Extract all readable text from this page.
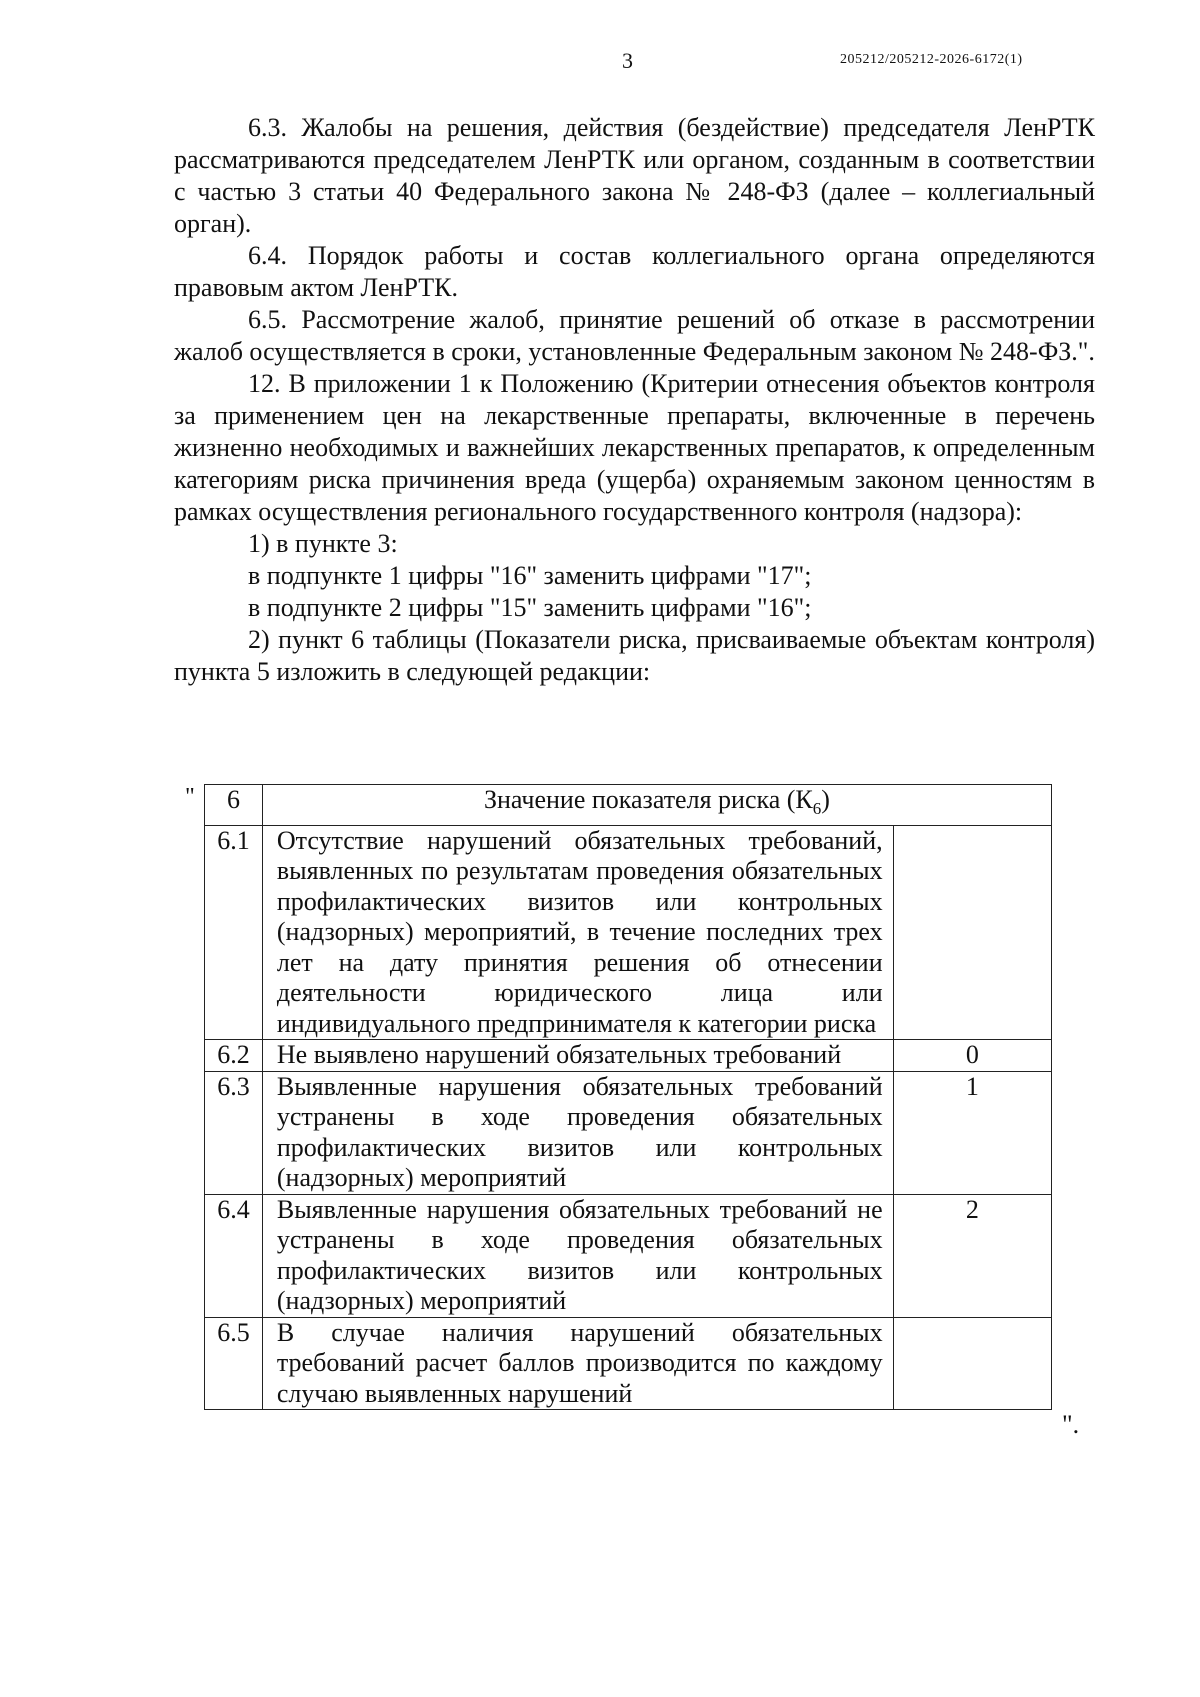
3	205212/205212-2026-6172(1)

6.3. Жалобы на решения, действия (бездействие) председателя ЛенРТК рассматриваются председателем ЛенРТК или органом, созданным в соответствии с частью 3 статьи 40 Федерального закона № 248-ФЗ (далее – коллегиальный орган).

6.4. Порядок работы и состав коллегиального органа определяются правовым актом ЛенРТК.

6.5. Рассмотрение жалоб, принятие решений об отказе в рассмотрении жалоб осуществляется в сроки, установленные Федеральным законом № 248-ФЗ.".

12. В приложении 1 к Положению (Критерии отнесения объектов контроля за применением цен на лекарственные препараты, включенные в перечень жизненно необходимых и важнейших лекарственных препаратов, к определенным категориям риска причинения вреда (ущерба) охраняемым законом ценностям в рамках осуществления регионального государственного контроля (надзора):

1) в пункте 3:

в подпункте 1 цифры "16" заменить цифрами "17";

в подпункте 2 цифры "15" заменить цифрами "16";

2) пункт 6 таблицы (Показатели риска, присваиваемые объектам контроля) пункта 5 изложить в следующей редакции:

" 6	Значение показателя риска $(К_6)$	
6.1	Отсутствие нарушений обязательных требований, выявленных по результатам проведения обязательных профилактических визитов или контрольных (надзорных) мероприятий, в течение последних трех лет на дату принятия решения об отнесении деятельности юридического лица или индивидуального предпринимателя к категории риска	
6.2	Не выявлено нарушений обязательных требований	0
6.3	Выявленные нарушения обязательных требований устранены в ходе проведения обязательных профилактических визитов или контрольных (надзорных) мероприятий	1
6.4	Выявленные нарушения обязательных требований не устранены в ходе проведения обязательных профилактических визитов или контрольных (надзорных) мероприятий	2
6.5	В случае наличия нарушений обязательных требований расчет баллов производится по каждому случаю выявленных нарушений	
".
